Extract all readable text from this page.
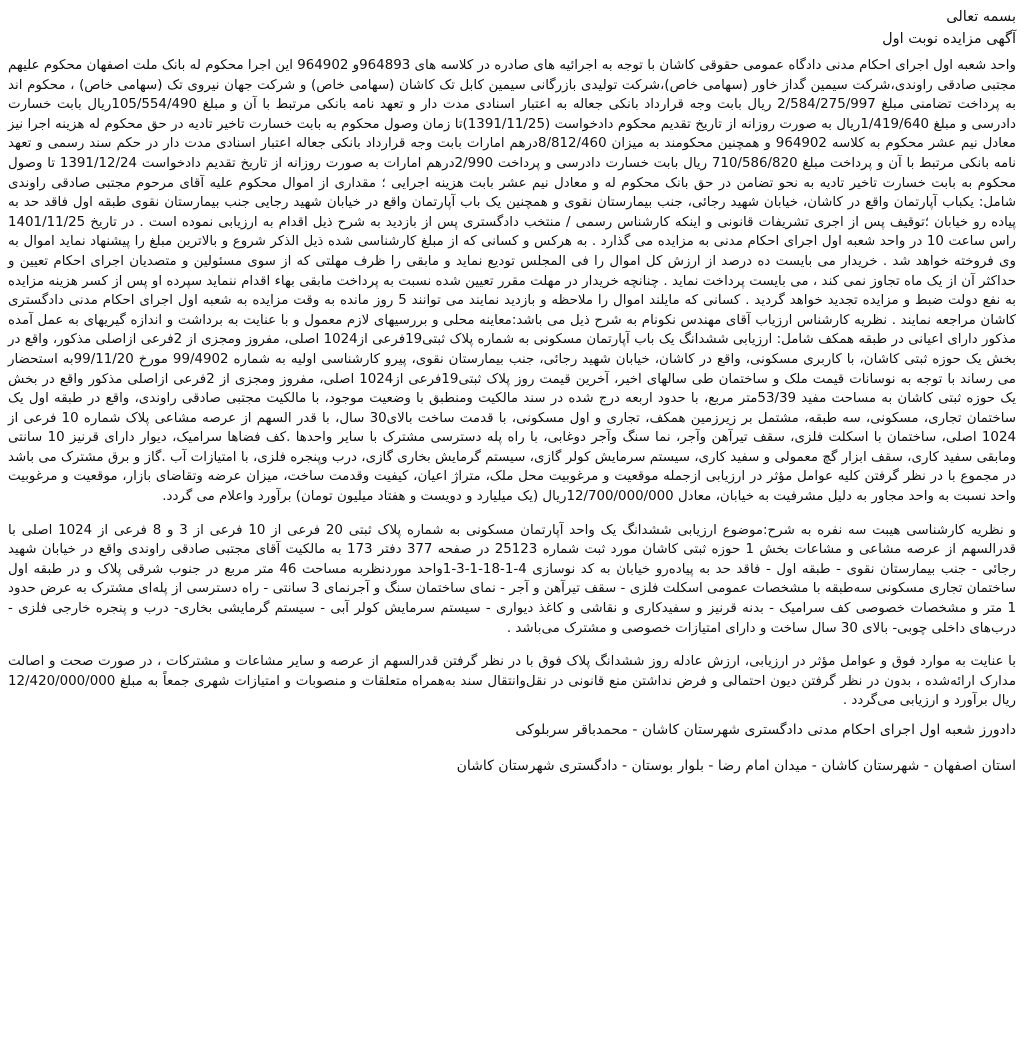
بسمه تعالی

آگهی مزایده نوبت اول

واحد شعبه اول اجرای احکام مدنی دادگاه عمومی حقوقی کاشان با توجه به اجرائیه های صادره در کلاسه های 964893و 964902 این اجرا محکوم له بانک ملت اصفهان محکوم علیهم مجتبی صادقی راوندی،شرکت سیمین گداز خاور (سهامی خاص)،شرکت تولیدی بازرگانی سیمین کابل تک کاشان (سهامی خاص) و شرکت جهان نیروی تک (سهامی خاص) ، محکوم اند به پرداخت تضامنی مبلغ 2/584/275/997 ریال بابت وجه قرارداد بانکی جعاله به اعتبار اسنادی مدت دار و تعهد نامه بانکی مرتبط با آن و مبلغ 105/554/490ریال بابت خسارت دادرسی و مبلغ 1/419/640ریال به صورت روزانه از تاریخ تقدیم محکوم دادخواست (1391/11/25)تا زمان وصول محکوم به بابت خسارت تاخیر تادیه در حق محکوم له هزینه اجرا نیز معادل نیم عشر محکوم به کلاسه 964902 و همچنین محکومند به میزان 8/812/460درهم امارات بابت وجه قرارداد بانکی جعاله اعتبار اسنادی مدت دار در حکم سند رسمی و تعهد نامه بانکی مرتبط با آن و پرداخت مبلغ 710/586/820 ریال بابت خسارت دادرسی و پرداخت 2/990درهم امارات به صورت روزانه از تاریخ تقدیم دادخواست 1391/12/24 تا وصول محکوم به بابت خسارت تاخیر تادیه به نحو تضامن در حق بانک محکوم له و معادل نیم عشر بابت هزینه اجرایی ؛ مقداری از اموال محکوم علیه آقای مرحوم مجتبی صادقی راوندی شامل: یکباب آپارتمان واقع در کاشان، خیابان شهید رجائی، جنب بیمارستان نقوی و همچنین یک باب آپارتمان واقع در خیابان شهید رجایی جنب بیمارستان نقوی طبقه اول فاقد حد به پیاده رو خیابان ؛توقیف پس از اجری تشریفات قانونی و اینکه کارشناس رسمی / منتخب دادگستری پس از بازدید به شرح ذیل اقدام به ارزیابی نموده است . در تاریخ 1401/11/25 راس ساعت 10 در واحد شعبه اول اجرای احکام مدنی به مزایده می گذارد . به هرکس و کسانی که از مبلغ کارشناسی شده ذیل الذکر شروع و بالاترین مبلغ را پیشنهاد نماید اموال به وی فروخته خواهد شد . خریدار می بایست ده درصد از ارزش کل اموال را فی المجلس تودیع نماید و مابقی را ظرف مهلتی که از سوی مسئولین و متصدیان اجرای احکام تعیین و حداکثر آن از یک ماه تجاوز نمی کند ، می بایست پرداخت نماید . چنانچه خریدار در مهلت مقرر تعیین شده نسبت به پرداخت مابقی بهاء اقدام ننماید سپرده او پس از کسر هزینه مزایده به نفع دولت ضبط و مزایده تجدید خواهد گردید . کسانی که مایلند اموال را ملاحظه و بازدید نمایند می توانند 5 روز مانده به وقت مزایده به شعبه اول اجرای احکام مدنی دادگستری کاشان مراجعه نمایند . نظریه کارشناس ارزیاب آقای مهندس نکونام به شرح ذیل می باشد:معاینه محلی و بررسیهای لازم معمول و با عنایت به برداشت و اندازه گیریهای به عمل آمده مذکور دارای اعیانی در طبقه همکف شامل: ارزیابی ششدانگ یک باب آپارتمان مسکونی به شماره پلاک ثبتی19فرعی از1024 اصلی، مفروز ومجزی از 2فرعی ازاصلی مذکور، واقع در بخش یک حوزه ثبتی کاشان، با کاربری مسکونی، واقع در کاشان، خیابان شهید رجائی، جنب بیمارستان نقوی، پیرو کارشناسی اولیه به شماره 99/4902 مورخ 99/11/20به استحضار می رساند با توجه به نوسانات قیمت ملک و ساختمان طی سالهای اخیر، آخرین قیمت روز پلاک ثبتی19فرعی از1024 اصلی، مفروز ومجزی از 2فرعی ازاصلی مذکور واقع در بخش یک حوزه ثبتی کاشان به مساحت مفید 53/39متر مربع، با حدود اربعه درج شده در سند مالکیت ومنطبق با وضعیت موجود، با مالکیت مجتبی صادقی راوندی، واقع در طبقه اول یک ساختمان تجاری، مسکونی، سه طبقه، مشتمل بر زیرزمین همکف، تجاری و اول مسکونی، با قدمت ساخت بالای30 سال، با قدر السهم از عرصه مشاعی پلاک شماره 10 فرعی از 1024 اصلی، ساختمان با اسکلت فلزی، سقف تیرآهن وآجر، نما سنگ وآجر دوغابی، با راه پله دسترسی مشترک با سایر واحدها .کف فضاها سرامیک، دیوار دارای قرنیز 10 سانتی ومابقی سفید کاری، سقف ابزار گچ معمولی و سفید کاری، سیستم سرمایش کولر گازی، سیستم گرمایش بخاری گازی، درب وپنجره فلزی، با امتیازات آب .گاز و برق مشترک می باشد در مجموع با در نظر گرفتن کلیه عوامل مؤثر در ارزیابی ازجمله موقعیت و مرغوبیت محل ملک، متراژ اعیان، کیفیت وقدمت ساخت، میزان عرضه وتقاضای بازار، موقعیت و مرغوبیت واحد نسبت به واحد مجاور به دلیل مشرفیت به خیابان، معادل 12/700/000/000ریال (یک میلیارد و دویست و هفتاد میلیون تومان) برآورد واعلام می گردد.

و نظریه کارشناسی هیبت سه نفره به شرح:موضوع ارزیابی ششدانگ یک واحد آپارتمان مسکونی به شماره پلاک ثبتی 20 فرعی از 10 فرعی از 3 و 8 فرعی از 1024 اصلی با قدرالسهم از عرصه مشاعی و مشاعات بخش 1 حوزه ثبتی کاشان مورد ثبت شماره 25123 در صفحه 377 دفتر 173 به مالکیت آقای مجتبی صادقی راوندی واقع در خیابان شهید رجائی - جنب بیمارستان نقوی - طبقه اول - فاقد حد به پیاده‌رو خیابان به کد نوسازی 4-1-18-1-3-1واحد موردنظربه مساحت 46 متر مربع در جنوب شرقی پلاک و در طبقه اول ساختمان تجاری مسکونی سه‌طبقه با مشخصات عمومی اسکلت فلزی - سقف تیرآهن و آجر - نمای ساختمان سنگ و آجرنمای 3 سانتی - راه دسترسی از پله‌ای مشترک به عرض حدود 1 متر و مشخصات خصوصی کف سرامیک - بدنه قرنیز و سفیدکاری و نقاشی و کاغذ دیواری - سیستم سرمایش کولر آبی - سیستم گرمایشی بخاری- درب و پنجره خارجی فلزی - درب‌های داخلی چوبی- بالای 30 سال ساخت و دارای امتیازات خصوصی و مشترک می‌باشد .

با عنایت به موارد فوق و عوامل مؤثر در ارزیابی، ارزش عادله روز ششدانگ پلاک فوق با در نظر گرفتن قدرالسهم از عرصه و سایر مشاعات و مشترکات ، در صورت صحت و اصالت مدارک ارائه‌شده ، بدون در نظر گرفتن دیون احتمالی و فرض نداشتن منع قانونی در نقل‌وانتقال سند به‌همراه متعلقات و منصوبات و امتیازات شهری جمعاً به مبلغ 12/420/000/000 ریال برآورد و ارزیابی می‌گردد .

دادورز شعبه اول اجرای احکام مدنی دادگستری شهرستان کاشان - محمدباقر سربلوکی

استان اصفهان - شهرستان کاشان - میدان امام رضا - بلوار بوستان - دادگستری شهرستان کاشان
